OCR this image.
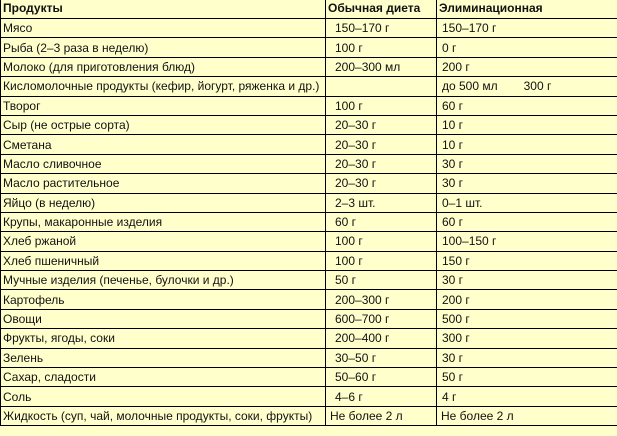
Продукты	Обычная диета	Элиминационная
Мясо	150–170 г	150–170 г
Рыба (2–3 раза в неделю)	100 г	0 г
Молоко (для приготовления блюд)	200–300 мл	200 г
Кисломолочные продукты (кефир, йогурт, ряженка и др.)		до 500 мл 300 г
Творог	100 г	60 г
Сыр (не острые сорта)	20–30 г	10 г
Сметана	20–30 г	10 г
Масло сливочное	20–30 г	30 г
Масло растительное	20–30 г	30 г
Яйцо (в неделю)	2–3 шт.	0–1 шт.
Крупы, макаронные изделия	60 г	60 г
Хлеб ржаной	100 г	100–150 г
Хлеб пшеничный	100 г	150 г
Мучные изделия (печенье, булочки и др.)	50 г	30 г
Картофель	200–300 г	200 г
Овощи	600–700 г	500 г
Фрукты, ягоды, соки	200–400 г	300 г
Зелень	30–50 г	30 г
Сахар, сладости	50–60 г	50 г
Соль	4–6 г	4 г
Жидкость (суп, чай, молочные продукты, соки, фрукты)	Не более 2 л	Не более 2 л
